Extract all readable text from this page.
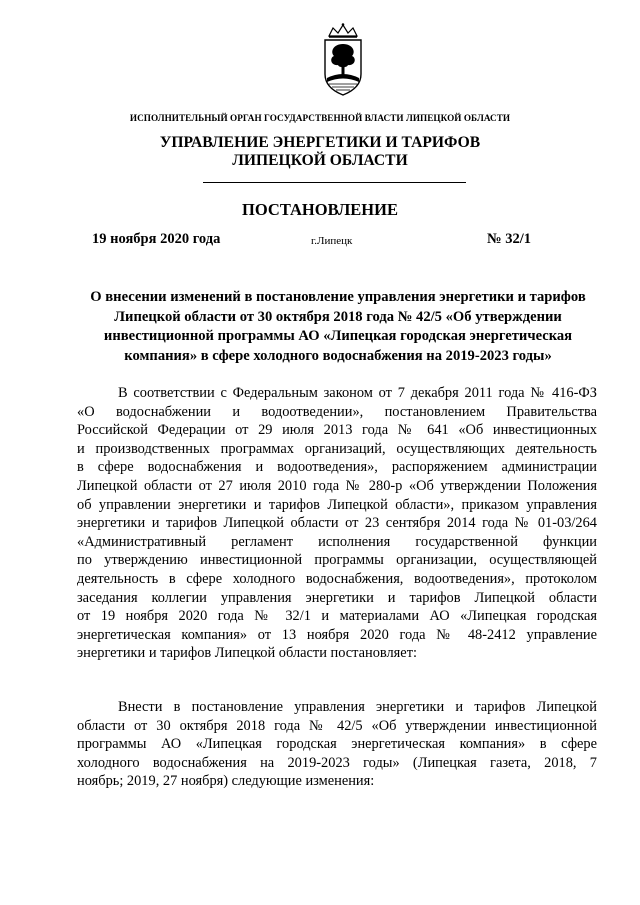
ИСПОЛНИТЕЛЬНЫЙ ОРГАН ГОСУДАРСТВЕННОЙ ВЛАСТИ ЛИПЕЦКОЙ ОБЛАСТИ
УПРАВЛЕНИЕ ЭНЕРГЕТИКИ И ТАРИФОВ
ЛИПЕЦКОЙ ОБЛАСТИ
ПОСТАНОВЛЕНИЕ
19 ноября 2020 года	г.Липецк	№ 32/1

О внесении изменений в постановление управления энергетики и тарифов
Липецкой области от 30 октября 2018 года № 42/5 «Об утверждении
инвестиционной программы АО «Липецкая городская энергетическая
компания» в сфере холодного водоснабжения на 2019-2023 годы»

В соответствии с Федеральным законом от 7 декабря 2011 года № 416-ФЗ
«О водоснабжении и водоотведении», постановлением Правительства
Российской Федерации от 29 июля 2013 года № 641 «Об инвестиционных
и производственных программах организаций, осуществляющих деятельность
в сфере водоснабжения и водоотведения», распоряжением администрации
Липецкой области от 27 июля 2010 года № 280-р «Об утверждении Положения
об управлении энергетики и тарифов Липецкой области», приказом управления
энергетики и тарифов Липецкой области от 23 сентября 2014 года № 01-03/264
«Административный регламент исполнения государственной функции
по утверждению инвестиционной программы организации, осуществляющей
деятельность в сфере холодного водоснабжения, водоотведения», протоколом
заседания коллегии управления энергетики и тарифов Липецкой области
от 19 ноября 2020 года № 32/1 и материалами АО «Липецкая городская
энергетическая компания» от 13 ноября 2020 года № 48-2412 управление
энергетики и тарифов Липецкой области постановляет:

Внести в постановление управления энергетики и тарифов Липецкой
области от 30 октября 2018 года № 42/5 «Об утверждении инвестиционной
программы АО «Липецкая городская энергетическая компания» в сфере
холодного водоснабжения на 2019-2023 годы» (Липецкая газета, 2018, 7
ноябрь; 2019, 27 ноября) следующие изменения:
